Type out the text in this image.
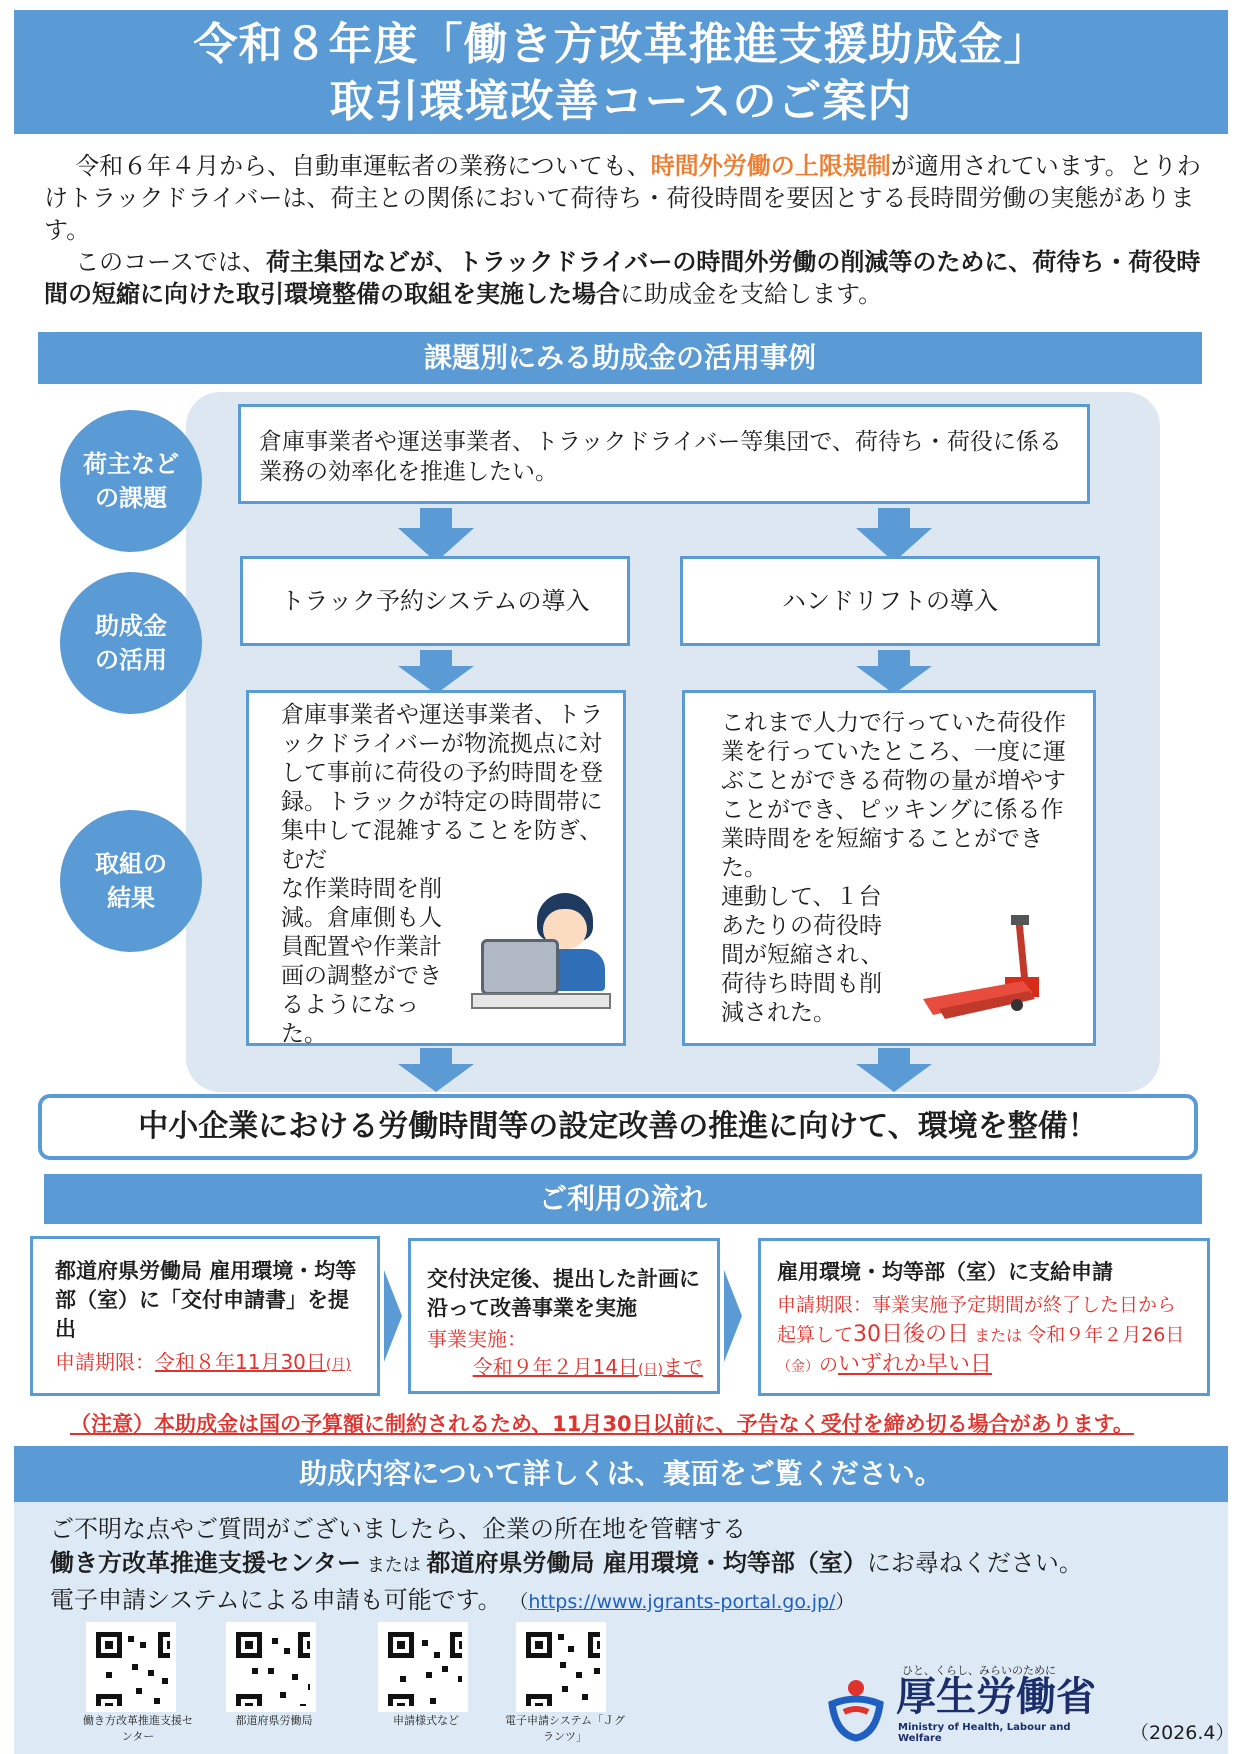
令和８年度「働き方改革推進支援助成金」
取引環境改善コースのご案内

令和６年４月から、自動車運転者の業務についても、時間外労働の上限規制が適用されています。とりわけトラックドライバーは、荷主との関係において荷待ち・荷役時間を要因とする長時間労働の実態があります。

このコースでは、荷主集団などが、トラックドライバーの時間外労働の削減等のために、荷待ち・荷役時間の短縮に向けた取引環境整備の取組を実施した場合に助成金を支給します。

課題別にみる助成金の活用事例
荷主など
の課題
助成金
の活用
取組の
結果
倉庫事業者や運送事業者、トラックドライバー等集団で、荷待ち・荷役に係る業務の効率化を推進したい。
トラック予約システムの導入	ハンドリフトの導入
倉庫事業者や運送事業者、トラックドライバーが物流拠点に対して事前に荷役の予約時間を登録。トラックが特定の時間帯に集中して混雑することを防ぎ、むだ
な作業時間を削減。倉庫側も人員配置や作業計画の調整ができるようになった。
これまで人力で行っていた荷役作業を行っていたところ、一度に運ぶことができる荷物の量が増やすことができ、ピッキングに係る作業時間をを短縮することができた。
連動して、１台あたりの荷役時間が短縮され、荷待ち時間も削減された。
中小企業における労働時間等の設定改善の推進に向けて、環境を整備！
ご利用の流れ
都道府県労働局 雇用環境・均等部（室）に「交付申請書」を提出
申請期限：令和８年11月30日(月)
交付決定後、提出した計画に沿って改善事業を実施
事業実施：
令和９年２月14日(日)まで
雇用環境・均等部（室）に支給申請
申請期限：事業実施予定期間が終了した日から起算して30日後の日 または 令和９年２月26日（金）のいずれか早い日
（注意）本助成金は国の予算額に制約されるため、11月30日以前に、予告なく受付を締め切る場合があります。
助成内容について詳しくは、裏面をご覧ください。
ご不明な点やご質問がございましたら、企業の所在地を管轄する
働き方改革推進支援センター または 都道府県労働局 雇用環境・均等部（室）にお尋ねください。
電子申請システムによる申請も可能です。 （https://www.jgrants-portal.go.jp/）
働き方改革推進支援センター
都道府県労働局	申請様式など	電子申請システム「Ｊグランツ」
ひと、くらし、みらいのために
厚生労働省
Ministry of Health, Labour and Welfare	（2026.4）
